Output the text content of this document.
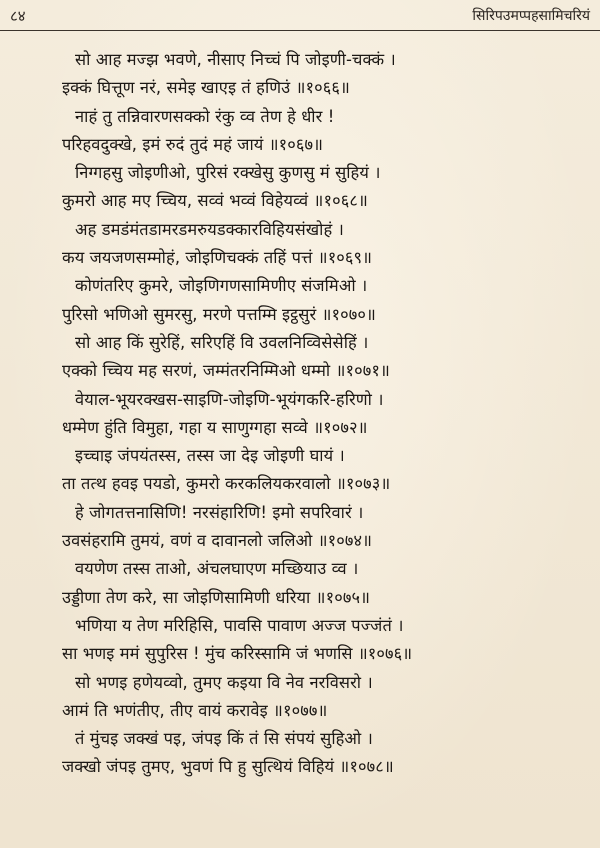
८४	सिरिपउमप्पहसामिचरियं
सो आह मज्झ भवणे, नीसाए निच्चं पि जोइणी-चक्कं ।
इक्कं घित्तूण नरं, समेइ खाएइ तं हणिउं ॥१०६६॥
नाहं तु तन्निवारणसक्को रंकु व्व तेण हे धीर !
परिहवदुक्खे, इमं रुदं तुदं महं जायं ॥१०६७॥
निग्गहसु जोइणीओ, पुरिसं रक्खेसु कुणसु मं सुहियं ।
कुमरो आह मए च्चिय, सव्वं भव्वं विहेयव्वं ॥१०६८॥
अह डमडंमंतडामरडमरुयडक्कारविहियसंखोहं ।
कय जयजणसम्मोहं, जोइणिचक्कं तहिं पत्तं ॥१०६९॥
कोणंतरिए कुमरे, जोइणिगणसामिणीए संजमिओ ।
पुरिसो भणिओ सुमरसु, मरणे पत्तम्मि इट्ठसुरं ॥१०७०॥
सो आह किं सुरेहिं, सरिएहिं वि उवलनिव्विसेसेहिं ।
एक्को च्चिय मह सरणं, जम्मंतरनिम्मिओ धम्मो ॥१०७१॥
वेयाल-भूयरक्खस-साइणि-जोइणि-भूयंगकरि-हरिणो ।
धम्मेण हुंति विमुहा, गहा य साणुग्गहा सव्वे ॥१०७२॥
इच्चाइ जंपयंतस्स, तस्स जा देइ जोइणी घायं ।
ता तत्थ हवइ पयडो, कुमरो करकलियकरवालो ॥१०७३॥
हे जोगतत्तनासिणि! नरसंहारिणि! इमो सपरिवारं ।
उवसंहरामि तुमयं, वणं व दावानलो जलिओ ॥१०७४॥
वयणेण तस्स ताओ, अंचलघाएण मच्छियाउ व्व ।
उड्डीणा तेण करे, सा जोइणिसामिणी धरिया ॥१०७५॥
भणिया य तेण मरिहिसि, पावसि पावाण अज्ज पज्जंतं ।
सा भणइ ममं सुपुरिस ! मुंच करिस्सामि जं भणसि ॥१०७६॥
सो भणइ हणेयव्वो, तुमए कइया वि नेव नरविसरो ।
आमं ति भणंतीए, तीए वायं करावेइ ॥१०७७॥
तं मुंचइ जक्खं पइ, जंपइ किं तं सि संपयं सुहिओ ।
जक्खो जंपइ तुमए, भुवणं पि हु सुत्थियं विहियं ॥१०७८॥
